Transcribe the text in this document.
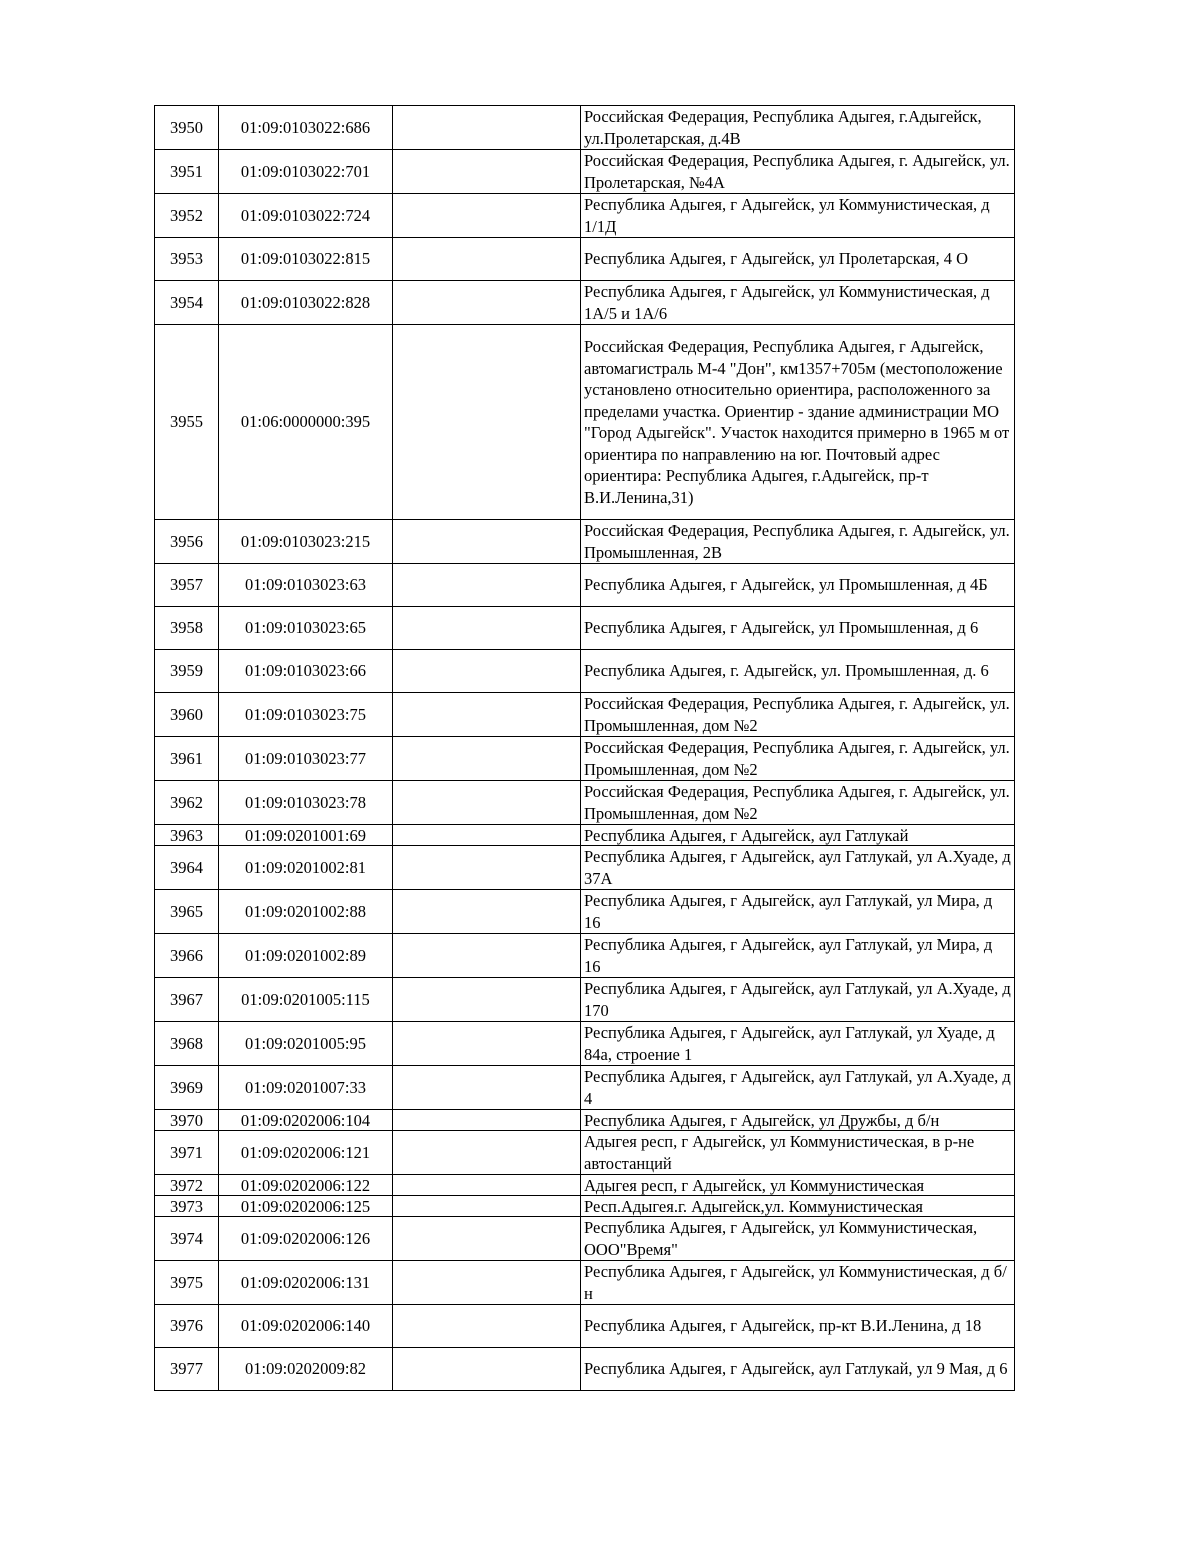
3950	01:09:0103022:686		Российская Федерация, Республика Адыгея, г.Адыгейск, ул.Пролетарская, д.4В
3951	01:09:0103022:701		Российская Федерация, Республика Адыгея, г. Адыгейск, ул. Пролетарская, №4А
3952	01:09:0103022:724		Республика Адыгея, г Адыгейск, ул Коммунистическая, д 1/1Д
3953	01:09:0103022:815		Республика Адыгея, г Адыгейск, ул Пролетарская, 4 О
3954	01:09:0103022:828		Республика Адыгея, г Адыгейск, ул Коммунистическая, д 1А/5 и 1А/6
3955	01:06:0000000:395		Российская Федерация, Республика Адыгея, г Адыгейск, автомагистраль М-4 "Дон", км1357+705м (местоположение установлено относительно ориентира, расположенного за пределами участка. Ориентир - здание администрации МО "Город Адыгейск". Участок находится примерно в 1965 м от ориентира по направлению на юг. Почтовый адрес ориентира: Республика Адыгея, г.Адыгейск, пр-т В.И.Ленина,31)
3956	01:09:0103023:215		Российская Федерация, Республика Адыгея, г. Адыгейск, ул. Промышленная, 2В
3957	01:09:0103023:63		Республика Адыгея, г Адыгейск, ул Промышленная, д 4Б
3958	01:09:0103023:65		Республика Адыгея, г Адыгейск, ул Промышленная, д 6
3959	01:09:0103023:66		Республика Адыгея, г. Адыгейск, ул. Промышленная, д. 6
3960	01:09:0103023:75		Российская Федерация, Республика Адыгея, г. Адыгейск, ул. Промышленная, дом №2
3961	01:09:0103023:77		Российская Федерация, Республика Адыгея, г. Адыгейск, ул. Промышленная, дом №2
3962	01:09:0103023:78		Российская Федерация, Республика Адыгея, г. Адыгейск, ул. Промышленная, дом №2
3963	01:09:0201001:69		Республика Адыгея, г Адыгейск, аул Гатлукай
3964	01:09:0201002:81		Республика Адыгея, г Адыгейск, аул Гатлукай, ул А.Хуаде, д 37А
3965	01:09:0201002:88		Республика Адыгея, г Адыгейск, аул Гатлукай, ул Мира, д 16
3966	01:09:0201002:89		Республика Адыгея, г Адыгейск, аул Гатлукай, ул Мира, д 16
3967	01:09:0201005:115		Республика Адыгея, г Адыгейск, аул Гатлукай, ул А.Хуаде, д 170
3968	01:09:0201005:95		Республика Адыгея, г Адыгейск, аул Гатлукай, ул Хуаде, д 84а, строение 1
3969	01:09:0201007:33		Республика Адыгея, г Адыгейск, аул Гатлукай, ул А.Хуаде, д 4
3970	01:09:0202006:104		Республика Адыгея, г Адыгейск, ул Дружбы, д б/н
3971	01:09:0202006:121		Адыгея респ, г Адыгейск, ул Коммунистическая, в р-не автостанций
3972	01:09:0202006:122		Адыгея респ, г Адыгейск, ул Коммунистическая
3973	01:09:0202006:125		Респ.Адыгея.г. Адыгейск,ул. Коммунистическая
3974	01:09:0202006:126		Республика Адыгея, г Адыгейск, ул Коммунистическая, ООО"Время"
3975	01:09:0202006:131		Республика Адыгея, г Адыгейск, ул Коммунистическая, д б/н
3976	01:09:0202006:140		Республика Адыгея, г Адыгейск, пр-кт В.И.Ленина, д 18
3977	01:09:0202009:82		Республика Адыгея, г Адыгейск, аул Гатлукай, ул 9 Мая, д 6
